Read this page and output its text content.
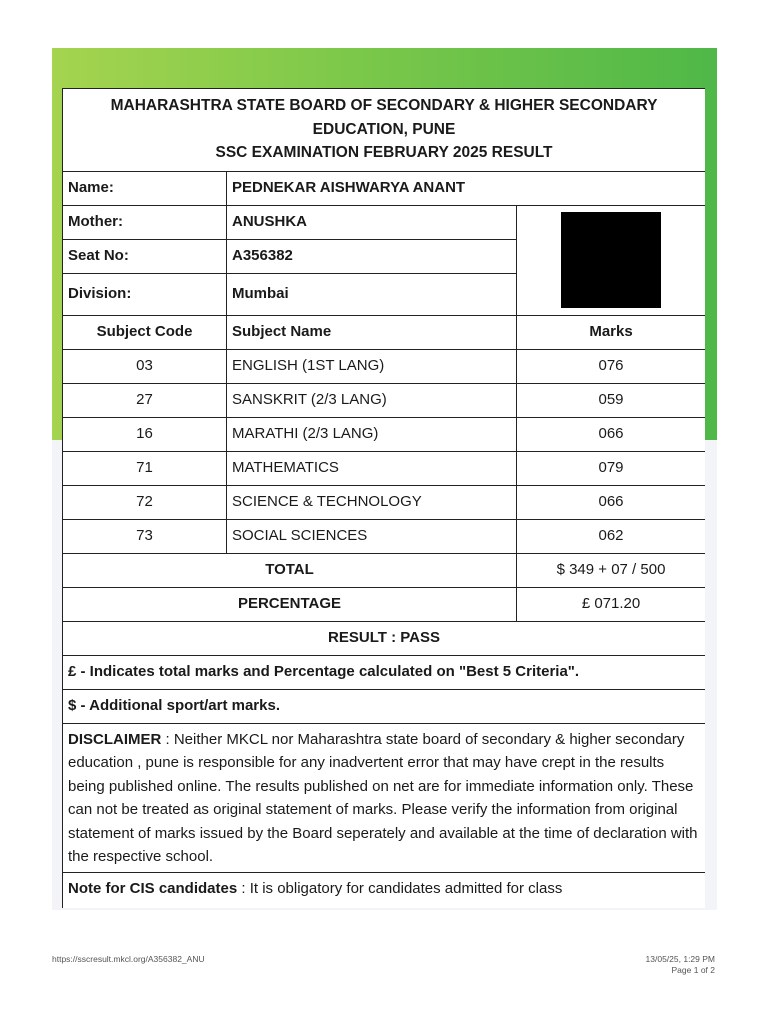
MAHARASHTRA STATE BOARD OF SECONDARY & HIGHER SECONDARY EDUCATION, PUNE
SSC EXAMINATION FEBRUARY 2025 RESULT		

Name:	PEDNEKAR AISHWARYA ANANT	
Mother:	ANUSHKA	

Seat No:	A356382	
Division:	Mumbai	
Subject Code	Subject Name	Marks
03	ENGLISH (1ST LANG)	076
27	SANSKRIT (2/3 LANG)	059
16	MARATHI (2/3 LANG)	066
71	MATHEMATICS	079
72	SCIENCE & TECHNOLOGY	066
73	SOCIAL SCIENCES	062
TOTAL		$ 349 + 07 / 500
PERCENTAGE		£ 071.20
RESULT : PASS		
£ - Indicates total marks and Percentage calculated on "Best 5 Criteria".		
$ - Additional sport/art marks.		
DISCLAIMER : Neither MKCL nor Maharashtra state board of secondary & higher secondary education , pune is responsible for any inadvertent error that may have crept in the results being published online. The results published on net are for immediate information only. These can not be treated as original statement of marks. Please verify the information from original statement of marks issued by the Board seperately and available at the time of declaration with the respective school.		
Note for CIS candidates : It is obligatory for candidates admitted for class		
https://sscresult.mkcl.org/A356382_ANU	13/05/25, 1:29 PM
Page 1 of 2
